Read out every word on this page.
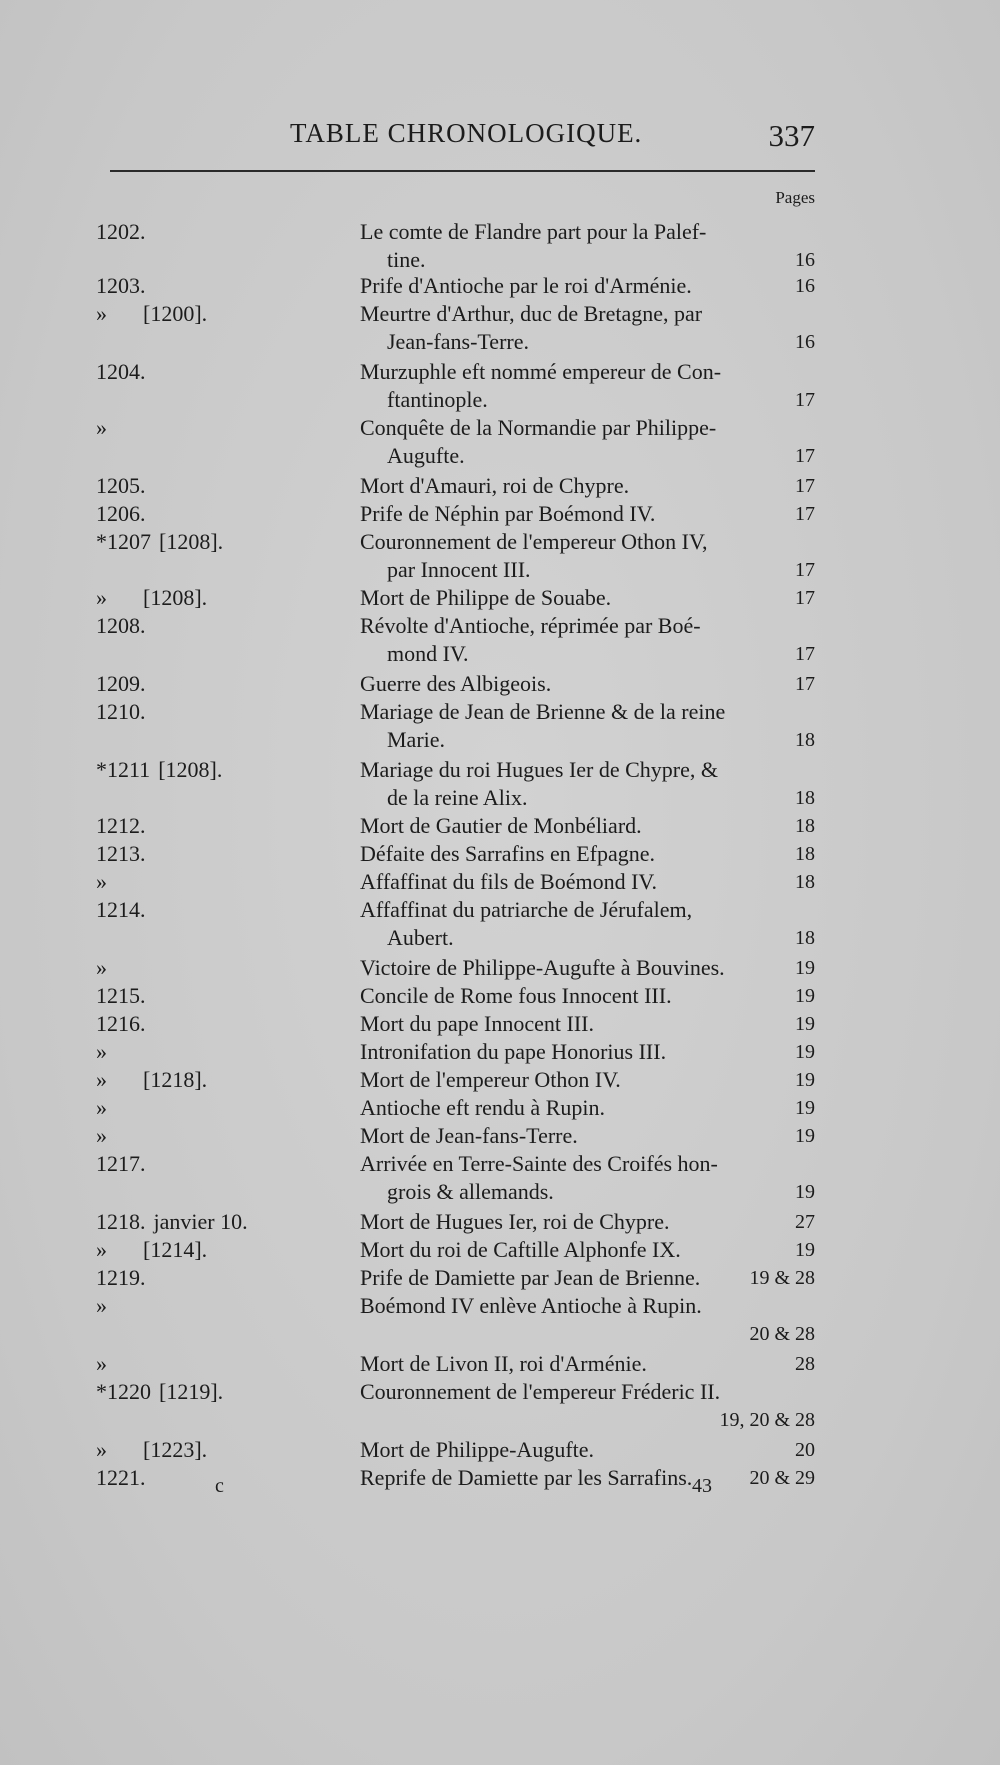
TABLE CHRONOLOGIQUE.	337
Pages
1202.	Le comte de Flandre part pour la Palef-
tine.	16
1203.	Prife d'Antioche par le roi d'Arménie.	16
» [1200].	Meurtre d'Arthur, duc de Bretagne, par
Jean-fans-Terre.	16
1204.	Murzuphle eft nommé empereur de Con-
ftantinople.	17
»	Conquête de la Normandie par Philippe-
Augufte.	17
1205.	Mort d'Amauri, roi de Chypre.	17
1206.	Prife de Néphin par Boémond IV.	17
*1207 [1208].	Couronnement de l'empereur Othon IV,
par Innocent III.	17
» [1208].	Mort de Philippe de Souabe.	17
1208.	Révolte d'Antioche, réprimée par Boé-
mond IV.	17
1209.	Guerre des Albigeois.	17
1210.	Mariage de Jean de Brienne & de la reine
Marie.	18
*1211 [1208].	Mariage du roi Hugues Ier de Chypre, &
de la reine Alix.	18
1212.	Mort de Gautier de Monbéliard.	18
1213.	Défaite des Sarrafins en Efpagne.	18
»	Affaffinat du fils de Boémond IV.	18
1214.	Affaffinat du patriarche de Jérufalem,
Aubert.	18
»	Victoire de Philippe-Augufte à Bouvines.	19
1215.	Concile de Rome fous Innocent III.	19
1216.	Mort du pape Innocent III.	19
»	Intronifation du pape Honorius III.	19
» [1218].	Mort de l'empereur Othon IV.	19
»	Antioche eft rendu à Rupin.	19
»	Mort de Jean-fans-Terre.	19
1217.	Arrivée en Terre-Sainte des Croifés hon-
grois & allemands.	19
1218. janvier 10.	Mort de Hugues Ier, roi de Chypre.	27
» [1214].	Mort du roi de Caftille Alphonfe IX.	19
1219.	Prife de Damiette par Jean de Brienne.	19 & 28
»	Boémond IV enlève Antioche à Rupin.
20 & 28
»	Mort de Livon II, roi d'Arménie.	28
*1220 [1219].	Couronnement de l'empereur Fréderic II.
19, 20 & 28
» [1223].	Mort de Philippe-Augufte.	20
1221.	Reprife de Damiette par les Sarrafins.	20 & 29
c	43
